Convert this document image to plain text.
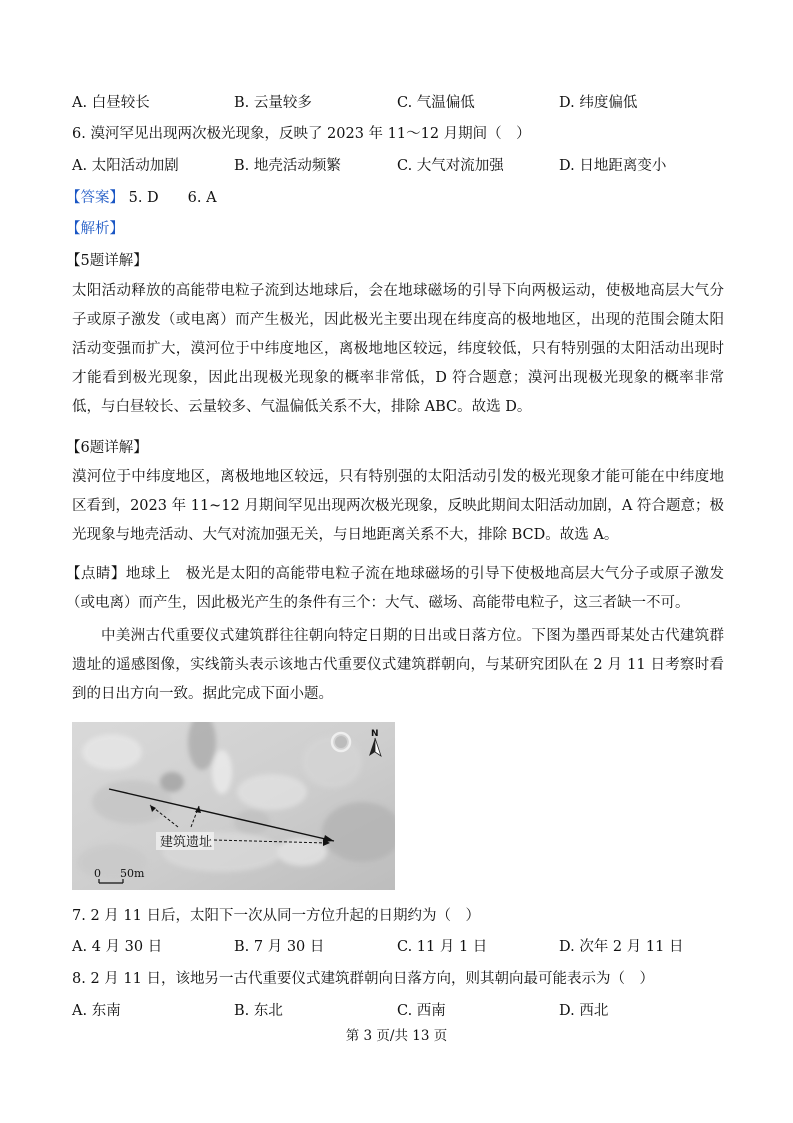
A. 白昼较长	B. 云量较多	C. 气温偏低	D. 纬度偏低
6. 漠河罕见出现两次极光现象，反映了 2023 年 11～12 月期间（　）
A. 太阳活动加剧	B. 地壳活动频繁	C. 大气对流加强	D. 日地距离变小
【答案】 5. D　　6. A
【解析】
【5题详解】
太阳活动释放的高能带电粒子流到达地球后，会在地球磁场的引导下向两极运动，使极地高层大气分子或原子激发（或电离）而产生极光，因此极光主要出现在纬度高的极地地区，出现的范围会随太阳活动变强而扩大，漠河位于中纬度地区，离极地地区较远，纬度较低，只有特别强的太阳活动出现时才能看到极光现象，因此出现极光现象的概率非常低，D 符合题意；漠河出现极光现象的概率非常低，与白昼较长、云量较多、气温偏低关系不大，排除 ABC。故选 D。
【6题详解】
漠河位于中纬度地区，离极地地区较远，只有特别强的太阳活动引发的极光现象才能可能在中纬度地区看到，2023 年 11~12 月期间罕见出现两次极光现象，反映此期间太阳活动加剧，A 符合题意；极光现象与地壳活动、大气对流加强无关，与日地距离关系不大，排除 BCD。故选 A。
【点睛】地球上　极光是太阳的高能带电粒子流在地球磁场的引导下使极地高层大气分子或原子激发（或电离）而产生，因此极光产生的条件有三个：大气、磁场、高能带电粒子，这三者缺一不可。
中美洲古代重要仪式建筑群往往朝向特定日期的日出或日落方位。下图为墨西哥某处古代建筑群遗址的遥感图像，实线箭头表示该地古代重要仪式建筑群朝向，与某研究团队在 2 月 11 日考察时看到的日出方向一致。据此完成下面小题。
建筑遗址
N
0 50m
7. 2 月 11 日后，太阳下一次从同一方位升起的日期约为（　）
A. 4 月 30 日	B. 7 月 30 日	C. 11 月 1 日	D. 次年 2 月 11 日
8. 2 月 11 日，该地另一古代重要仪式建筑群朝向日落方向，则其朝向最可能表示为（　）
A. 东南	B. 东北	C. 西南	D. 西北
第 3 页/共 13 页
